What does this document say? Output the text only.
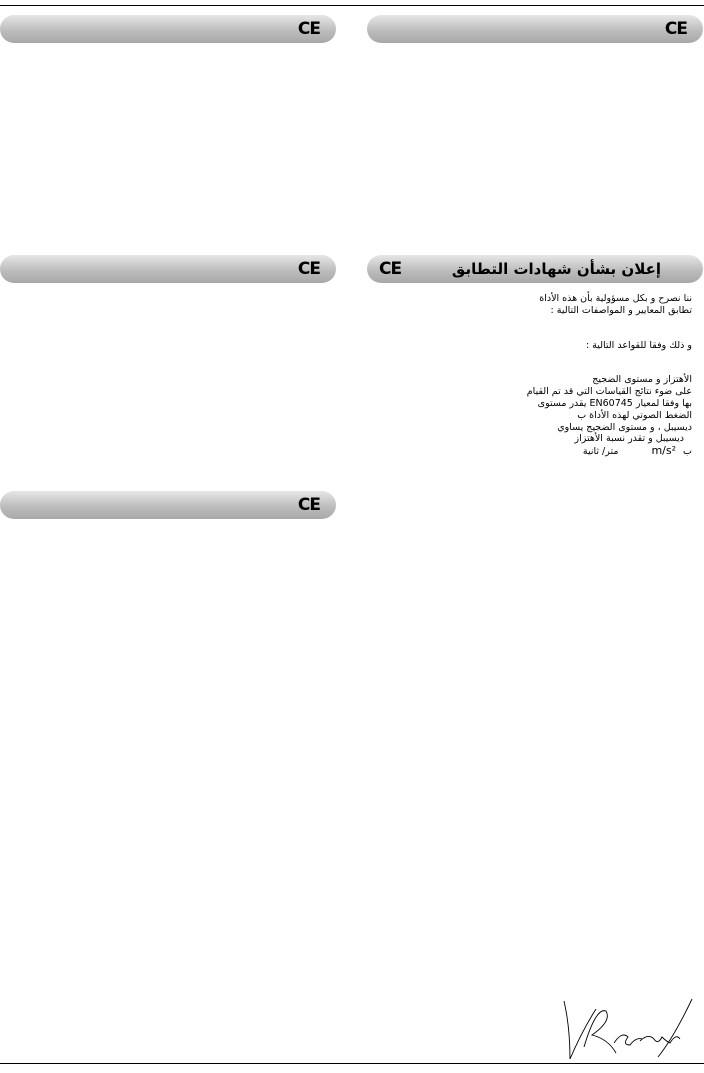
CE	CE
CE	CE	إعلان بشأن شهادات التطابق

ننا نصرح و بكل مسؤولية بأن هذه الأداة

تطابق المعايير و المواصفات التالية :

و ذلك وفقا للقواعد التالية :

الأهتزاز و مستوى الضجيج

على ضوء نتائج القياسات التي قد تم القيام

بها وفقا لمعيار EN60745 يقدر مستوى

الضغط الصوتي لهذه الأداة ب

ديسيبل ، و مستوى الضجيج يساوي

ديسيبل و تقدر نسبة الأهتزاز

ب m/s² متر/ ثانية

CE
